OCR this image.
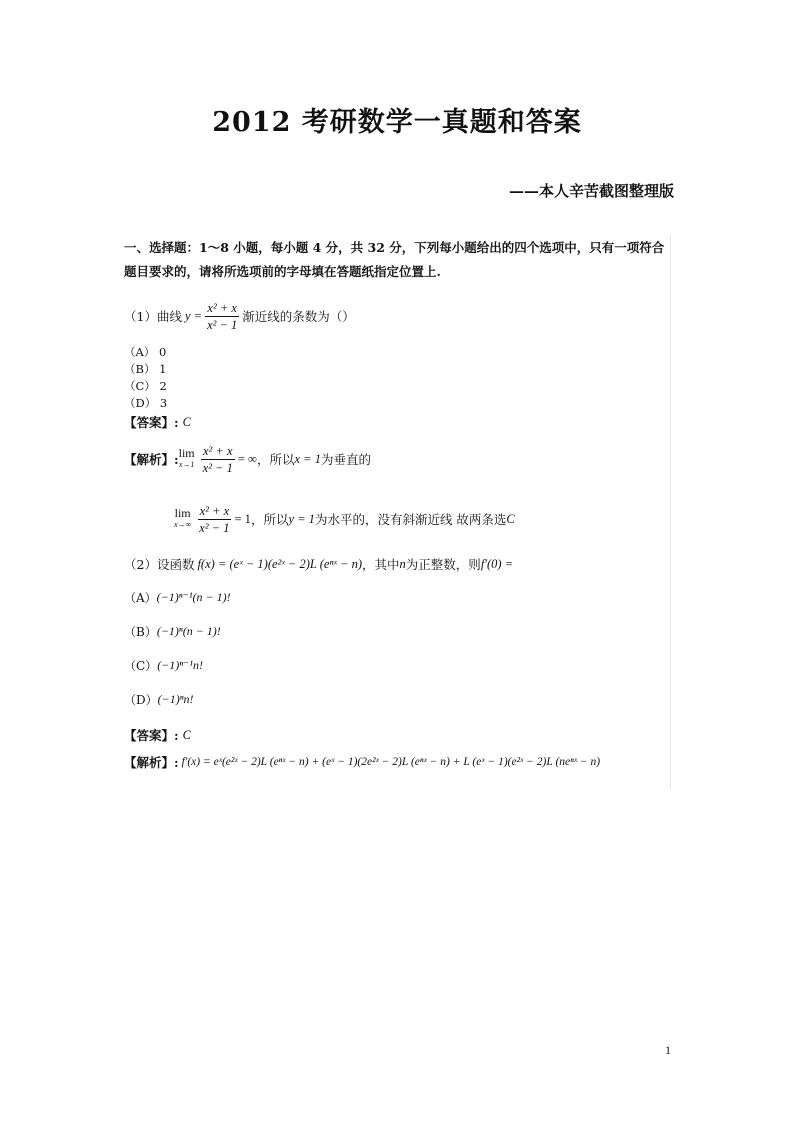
2012 考研数学一真题和答案
——本人辛苦截图整理版

一、选择题：1～8 小题，每小题 4 分，共 32 分，下列每小题给出的四个选项中，只有一项符合题目要求的，请将所选项前的字母填在答题纸指定位置上.

（1）曲线 $y = \frac{\text{x² + x}}{\text{x² − 1}}$ 渐近线的条数为（）
（A） 0
（B） 1
（C） 2
（D） 3
【答案】: C
【解析】: lim
$x\to 1 \frac{\text{x² + x}}{\text{x² − 1}}$ = ∞ ，所以 x = 1 为垂直的
lim
$x\to\infty \frac{\text{x² + x}}{\text{x² − 1}} = 1$ ，所以 y = 1 为水平的，没有斜渐近线 故两条选 C
（2）设函数 f(x) = (eˣ − 1)(e²ˣ − 2)L (eⁿˣ − n) ，其中 n 为正整数，则 f′(0) =
（A） (−1)ⁿ⁻¹(n − 1)!
（B） (−1)ⁿ(n − 1)!
（C） (−1)ⁿ⁻¹n!
（D） (−1)ⁿn!
【答案】: C
【解析】: f′(x) = eˣ(e²ˣ − 2)L (eⁿˣ − n) + (eˣ − 1)(2e²ˣ − 2)L (eⁿˣ − n) + L (eˣ − 1)(e²ˣ − 2)L (neⁿˣ − n)
1
